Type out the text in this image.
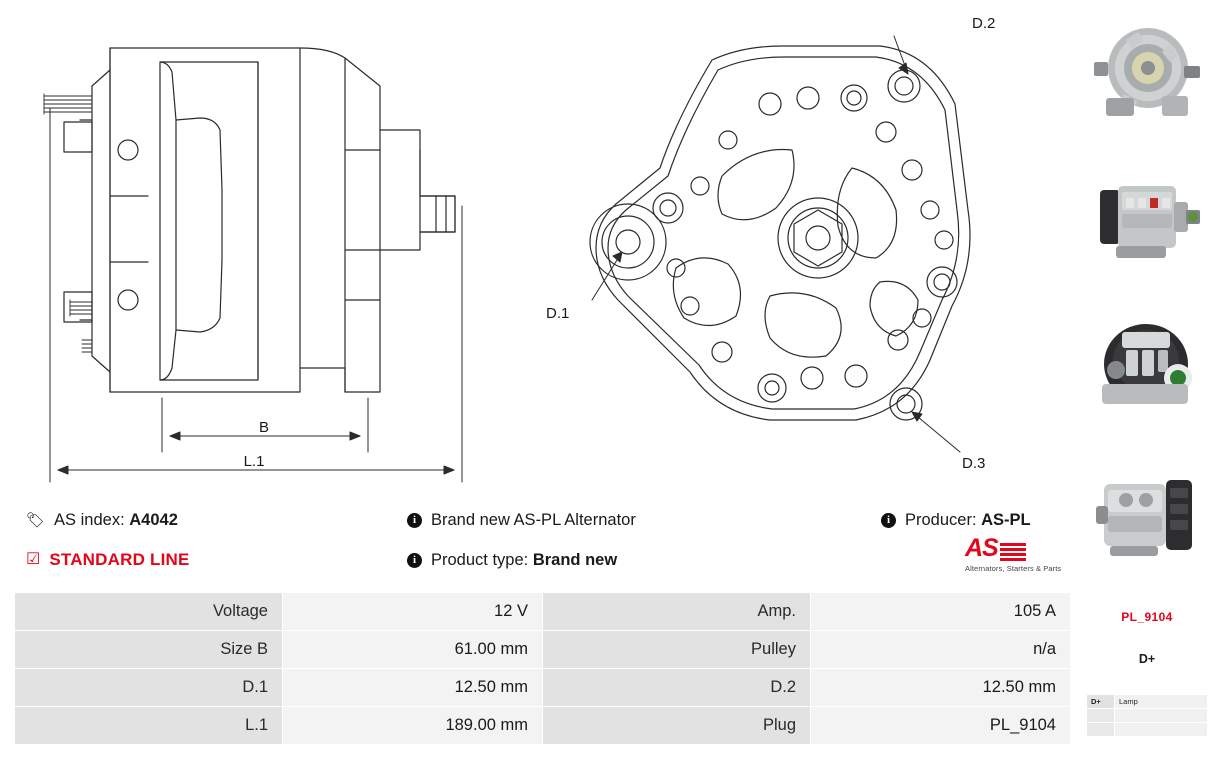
B
L.1
D.2
D.1
D.3
🏷 AS index: A4042	i Brand new AS-PL Alternator	i Producer: AS-PL
☑ STANDARD LINE	i Product type: Brand new	AS
Alternators, Starters & Parts
Voltage	12 V	Amp.	105 A
Size B	61.00 mm	Pulley	n/a
D.1	12.50 mm	D.2	12.50 mm
L.1	189.00 mm	Plug	PL_9104
PL_9104
D+
D+	Lamp
